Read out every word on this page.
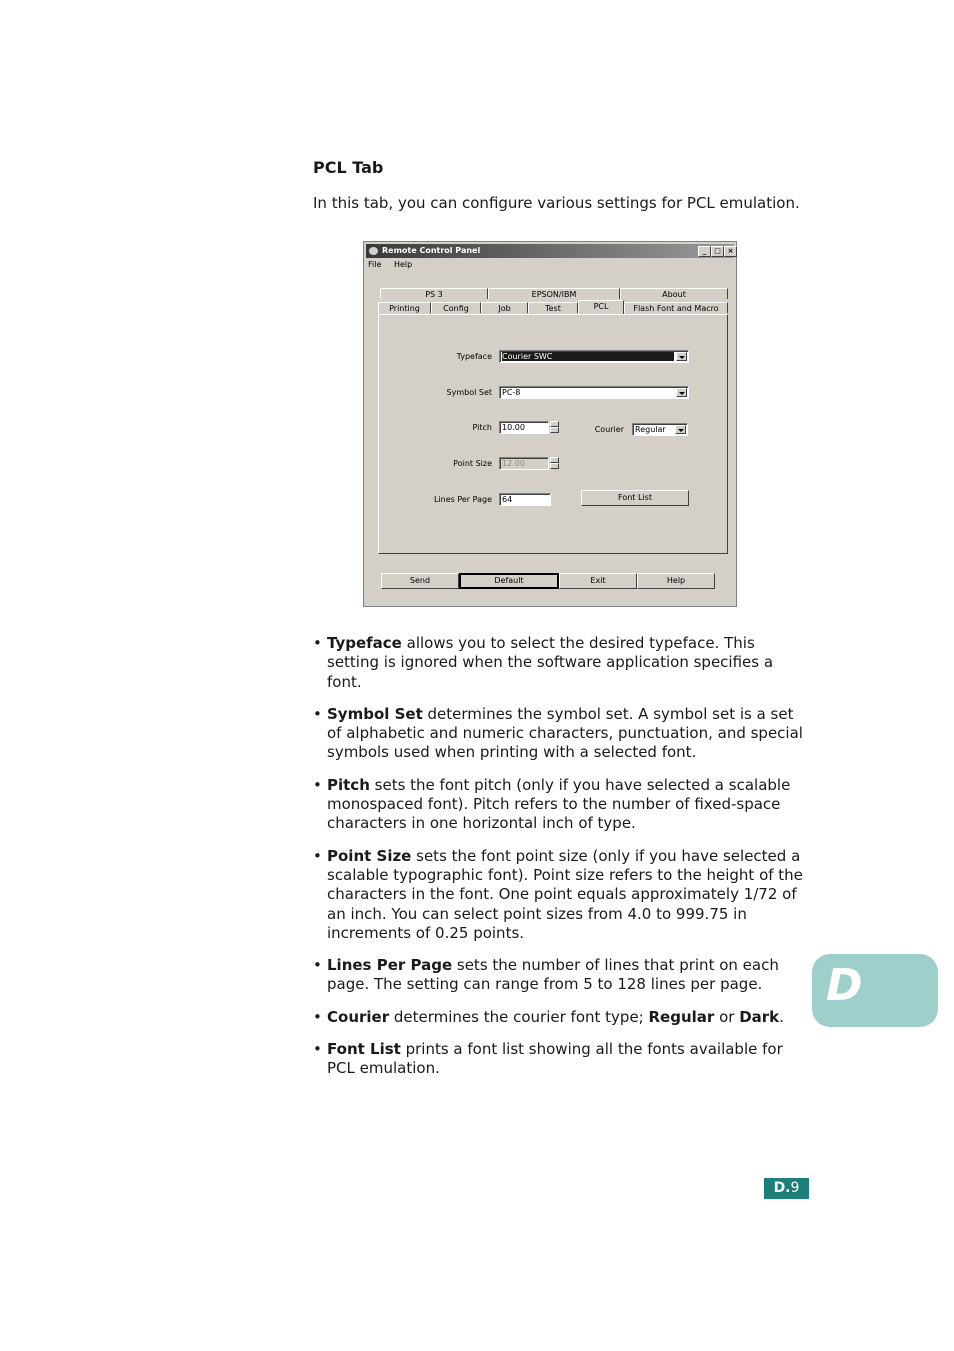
PCL Tab
In this tab, you can configure various settings for PCL emulation.
Remote Control Panel	_	□ ×
File Help
PS 3	EPSON/IBM	About
Printing	Config	Job	Test	PCL	Flash Font and Macro
Typeface Courier SWC
Symbol Set	PC-8
Pitch	10.00	Courier	Regular
Point Size	12.00
Lines Per Page	64	Font List
Send	Default	Exit	Help
• Typeface allows you to select the desired typeface. This setting is ignored when the software application specifies a font.
• Symbol Set determines the symbol set. A symbol set is a set of alphabetic and numeric characters, punctuation, and special symbols used when printing with a selected font.
• Pitch sets the font pitch (only if you have selected a scalable monospaced font). Pitch refers to the number of fixed-space characters in one horizontal inch of type.
• Point Size sets the font point size (only if you have selected a scalable typographic font). Point size refers to the height of the characters in the font. One point equals approximately 1/72 of an inch. You can select point sizes from 4.0 to 999.75 in increments of 0.25 points.
• Lines Per Page sets the number of lines that print on each page. The setting can range from 5 to 128 lines per page.
• Courier determines the courier font type; Regular or Dark.
• Font List prints a font list showing all the fonts available for PCL emulation.
D
D.9
